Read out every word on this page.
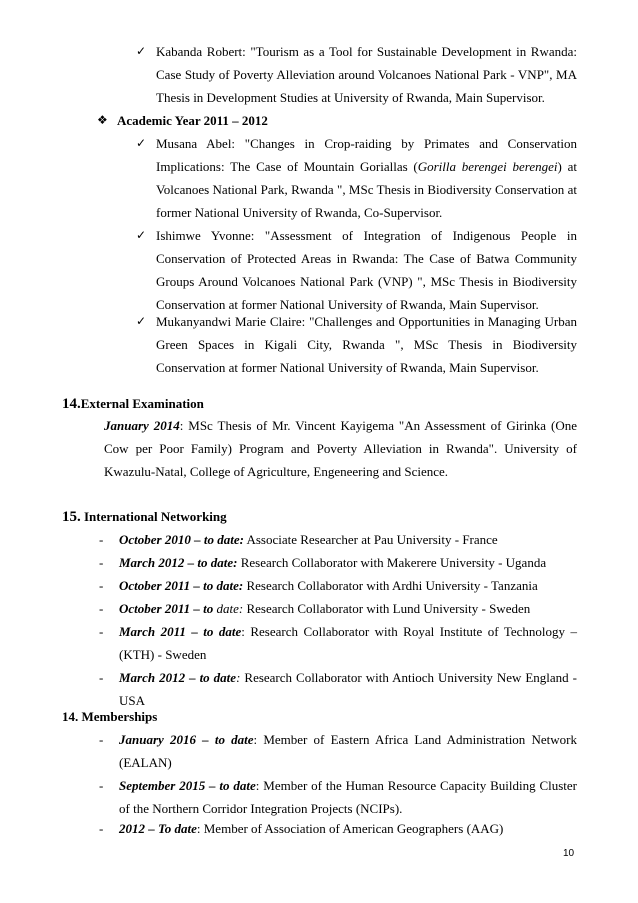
✓ Kabanda Robert: "Tourism as a Tool for Sustainable Development in Rwanda: Case Study of Poverty Alleviation around Volcanoes National Park - VNP", MA Thesis in Development Studies at University of Rwanda, Main Supervisor.
❖ Academic Year 2011 – 2012
✓ Musana Abel: "Changes in Crop-raiding by Primates and Conservation Implications: The Case of Mountain Goriallas (Gorilla berengei berengei) at Volcanoes National Park, Rwanda ", MSc Thesis in Biodiversity Conservation at former National University of Rwanda, Co-Supervisor.
✓ Ishimwe Yvonne: "Assessment of Integration of Indigenous People in Conservation of Protected Areas in Rwanda: The Case of Batwa Community Groups Around Volcanoes National Park (VNP) ", MSc Thesis in Biodiversity Conservation at former National University of Rwanda, Main Supervisor.
✓ Mukanyandwi Marie Claire: "Challenges and Opportunities in Managing Urban Green Spaces in Kigali City, Rwanda ", MSc Thesis in Biodiversity Conservation at former National University of Rwanda, Main Supervisor.
14.External Examination
January 2014: MSc Thesis of Mr. Vincent Kayigema "An Assessment of Girinka (One Cow per Poor Family) Program and Poverty Alleviation in Rwanda". University of Kwazulu-Natal, College of Agriculture, Engeneering and Science.
15. International Networking
- October 2010 – to date: Associate Researcher at Pau University - France
- March 2012 – to date: Research Collaborator with Makerere University - Uganda
- October 2011 – to date: Research Collaborator with Ardhi University - Tanzania
- October 2011 – to date: Research Collaborator with Lund University - Sweden
- March 2011 – to date: Research Collaborator with Royal Institute of Technology – (KTH) - Sweden
- March 2012 – to date: Research Collaborator with Antioch University New England - USA
14. Memberships
- January 2016 – to date: Member of Eastern Africa Land Administration Network (EALAN)
- September 2015 – to date: Member of the Human Resource Capacity Building Cluster of the Northern Corridor Integration Projects (NCIPs).
- 2012 – To date: Member of Association of American Geographers (AAG)
10
